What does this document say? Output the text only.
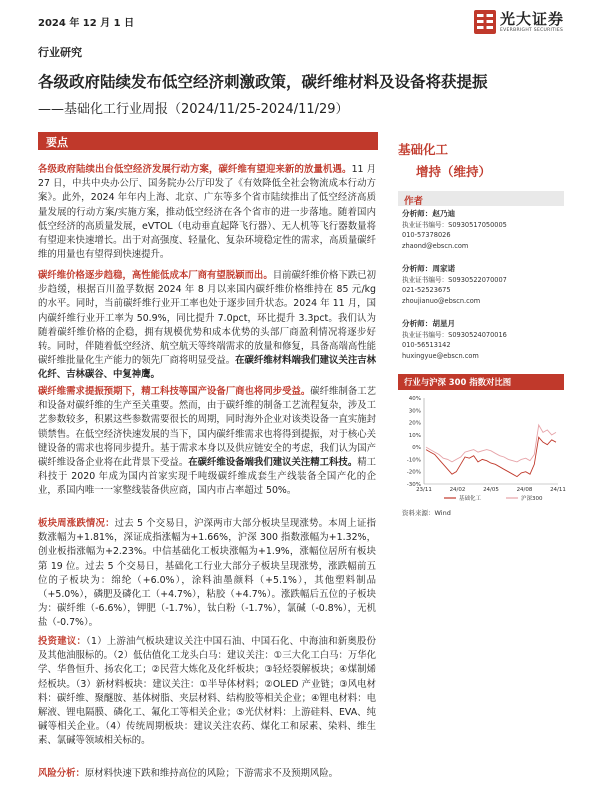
2024 年 12 月 1 日	光大证券
EVERBRIGHT SECURITIES
行业研究
各级政府陆续发布低空经济刺激政策，碳纤维材料及设备将获提振
——基础化工行业周报（2024/11/25-2024/11/29）
要点
各级政府陆续出台低空经济发展行动方案，碳纤维有望迎来新的放量机遇。11 月 27 日，中共中央办公厅、国务院办公厅印发了《有效降低全社会物流成本行动方案》。此外，2024 年年内上海、北京、广东等多个省市陆续推出了低空经济高质量发展的行动方案/实施方案，推动低空经济在各个省市的进一步落地。随着国内低空经济的高质量发展，eVTOL（电动垂直起降飞行器）、无人机等飞行器数量将有望迎来快速增长。出于对高强度、轻量化、复杂环境稳定性的需求，高质量碳纤维的用量也有望得到快速提升。
碳纤维价格逐步趋稳，高性能低成本厂商有望脱颖而出。目前碳纤维价格下跌已初步趋缓，根据百川盈孚数据 2024 年 8 月以来国内碳纤维价格维持在 85 元/kg 的水平。同时，当前碳纤维行业开工率也处于逐步回升状态。2024 年 11 月，国内碳纤维行业开工率为 50.9%，同比提升 7.0pct，环比提升 3.3pct。我们认为随着碳纤维价格的企稳，拥有规模优势和成本优势的头部厂商盈利情况将逐步好转。同时，伴随着低空经济、航空航天等终端需求的放量和修复，具备高端高性能碳纤维批量化生产能力的领先厂商将明显受益。在碳纤维材料端我们建议关注吉林化纤、吉林碳谷、中复神鹰。
碳纤维需求提振预期下，精工科技等国产设备厂商也将同步受益。碳纤维制备工艺和设备对碳纤维的生产至关重要。然而，由于碳纤维的制备工艺流程复杂，涉及工艺参数较多，积累这些参数需要很长的周期，同时海外企业对该类设备一直实施封锁禁售。在低空经济快速发展的当下，国内碳纤维需求也将得到提振，对于核心关键设备的需求也将同步提升。基于需求本身以及供应链安全的考虑，我们认为国产碳纤维设备企业将在此背景下受益。在碳纤维设备端我们建议关注精工科技。精工科技于 2020 年成为国内首家实现千吨级碳纤维成套生产线装备全国产化的企业，系国内唯一一家整线装备供应商，国内市占率超过 50%。
板块周涨跌情况：过去 5 个交易日，沪深两市大部分板块呈现涨势。本周上证指数涨幅为+1.81%，深证成指涨幅为+1.66%，沪深 300 指数涨幅为+1.32%，创业板指涨幅为+2.23%。中信基础化工板块涨幅为+1.9%，涨幅位居所有板块第 19 位。过去 5 个交易日，基础化工行业大部分子板块呈现涨势，涨跌幅前五位的子板块为：绵纶（+6.0%），涂料油墨颜料（+5.1%），其他塑料制品（+5.0%），磷肥及磷化工（+4.7%），粘胶（+4.7%）。涨跌幅后五位的子板块为：碳纤维（-6.6%），钾肥（-1.7%），钛白粉（-1.7%），氯碱（-0.8%），无机盐（-0.7%）。
投资建议：（1）上游油气板块建议关注中国石油、中国石化、中海油和新奥股份及其他油服标的。（2）低估值化工龙头白马：建议关注：①三大化工白马：万华化学、华鲁恒升、扬农化工；②民营大炼化及化纤板块；③轻烃裂解板块；④煤制烯烃板块。（3）新材料板块：建议关注：①半导体材料；②OLED 产业链；③风电材料：碳纤维、聚醚胺、基体树脂、夹层材料、结构胶等相关企业；④锂电材料：电解液、锂电隔膜、磷化工、氟化工等相关企业；⑤光伏材料：上游硅料、EVA、纯碱等相关企业。（4）传统周期板块：建议关注农药、煤化工和尿素、染料、维生素、氯碱等领域相关标的。
风险分析：原材料快速下跌和维持高位的风险；下游需求不及预期风险。
基础化工
增持（维持）
作者
分析师：赵乃迪
执业证书编号：S0930517050005
010-57378026
zhaond@ebscn.com
分析师：周家诺
执业证书编号：S0930522070007
021-52523675
zhoujianuo@ebscn.com
分析师：胡星月
执业证书编号：S0930524070016
010-56513142
huxingyue@ebscn.com
行业与沪深 300 指数对比图
40%
30%
20%
10%
0%
-10%
-20%
-30%
23/11	24/02	24/05	24/08	24/11
基础化工	沪深300
资料来源：Wind
